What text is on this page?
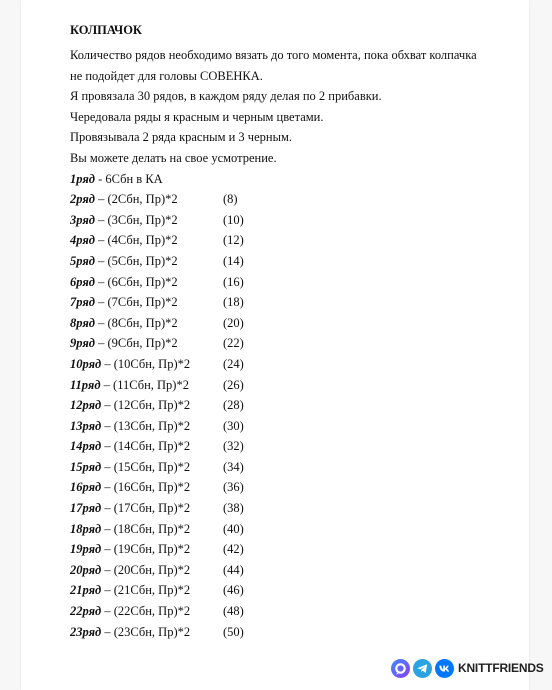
КОЛПАЧОК
Количество рядов необходимо вязать до того момента, пока обхват колпачка
не подойдет для головы СОВЕНКА.
Я провязала 30 рядов, в каждом ряду делая по 2 прибавки.
Чередовала ряды я красным и черным цветами.
Провязывала 2 ряда красным и 3 черным.
Вы можете делать на свое усмотрение.
1ряд - 6Сбн в КА
2ряд – (2Сбн, Пр)*2	(8)
3ряд – (3Сбн, Пр)*2	(10)
4ряд – (4Сбн, Пр)*2	(12)
5ряд – (5Сбн, Пр)*2	(14)
6ряд – (6Сбн, Пр)*2	(16)
7ряд – (7Сбн, Пр)*2	(18)
8ряд – (8Сбн, Пр)*2	(20)
9ряд – (9Сбн, Пр)*2	(22)
10ряд – (10Сбн, Пр)*2	(24)
11ряд – (11Сбн, Пр)*2	(26)
12ряд – (12Сбн, Пр)*2	(28)
13ряд – (13Сбн, Пр)*2	(30)
14ряд – (14Сбн, Пр)*2	(32)
15ряд – (15Сбн, Пр)*2	(34)
16ряд – (16Сбн, Пр)*2	(36)
17ряд – (17Сбн, Пр)*2	(38)
18ряд – (18Сбн, Пр)*2	(40)
19ряд – (19Сбн, Пр)*2	(42)
20ряд – (20Сбн, Пр)*2	(44)
21ряд – (21Сбн, Пр)*2	(46)
22ряд – (22Сбн, Пр)*2	(48)
23ряд – (23Сбн, Пр)*2	(50)
KNITTFRIENDS
